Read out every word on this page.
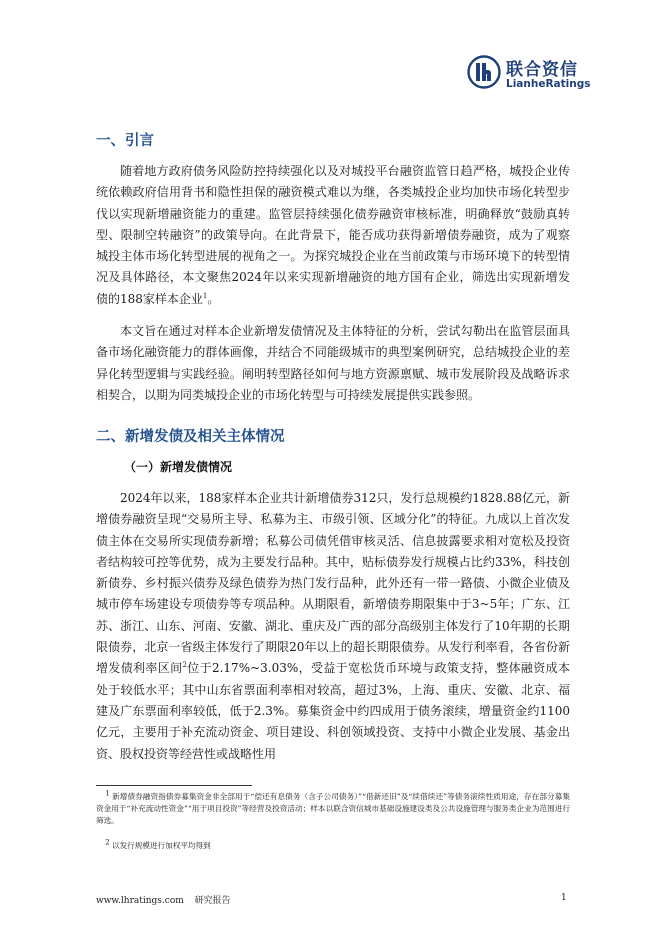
联合资信
LianheRatings
一、引言

随着地方政府债务风险防控持续强化以及对城投平台融资监管日趋严格，城投企业传统依赖政府信用背书和隐性担保的融资模式难以为继，各类城投企业均加快市场化转型步伐以实现新增融资能力的重建。监管层持续强化债券融资审核标准，明确释放“鼓励真转型、限制空转融资”的政策导向。在此背景下，能否成功获得新增债券融资，成为了观察城投主体市场化转型进展的视角之一。为探究城投企业在当前政策与市场环境下的转型情况及具体路径，本文聚焦2024年以来实现新增融资的地方国有企业，筛选出实现新增发债的188家样本企业$^1$。

本文旨在通过对样本企业新增发债情况及主体特征的分析，尝试勾勒出在监管层面具备市场化融资能力的群体画像，并结合不同能级城市的典型案例研究，总结城投企业的差异化转型逻辑与实践经验。阐明转型路径如何与地方资源禀赋、城市发展阶段及战略诉求相契合，以期为同类城投企业的市场化转型与可持续发展提供实践参照。

二、新增发债及相关主体情况
（一）新增发债情况

2024年以来，188家样本企业共计新增债券312只，发行总规模约1828.88亿元，新增债券融资呈现“交易所主导、私募为主、市级引领、区域分化”的特征。九成以上首次发债主体在交易所实现债券新增；私募公司债凭借审核灵活、信息披露要求相对宽松及投资者结构较可控等优势，成为主要发行品种。其中，贴标债券发行规模占比约33%，科技创新债券、乡村振兴债券及绿色债券为热门发行品种，此外还有一带一路债、小微企业债及城市停车场建设专项债券等专项品种。从期限看，新增债券期限集中于3~5年；广东、江苏、浙江、山东、河南、安徽、湖北、重庆及广西的部分高级别主体发行了10年期的长期限债券，北京一省级主体发行了期限20年以上的超长期限债券。从发行利率看，各省份新增发债利率区间$^2$位于2.17%~3.03%，受益于宽松货币环境与政策支持，整体融资成本处于较低水平；其中山东省票面利率相对较高，超过3%，上海、重庆、安徽、北京、福建及广东票面利率较低，低于2.3%。募集资金中约四成用于债务滚续，增量资金约1100亿元，主要用于补充流动资金、项目建设、科创领域投资、支持中小微企业发展、基金出资、股权投资等经营性或战略性用

$^1$ 新增债券融资指债券募集资金非全部用于“偿还有息债务（含子公司债务）”“借新还旧”及“续借续还”等债务滚续性质用途，存在部分募集资金用于“补充流动性资金”“用于项目投资”等经营及投资活动；样本以联合资信城市基础设施建设类及公共设施管理与服务类企业为范围进行筛选。

$^2$ 以发行规模进行加权平均得到

www.lhratings.com 研究报告	1
